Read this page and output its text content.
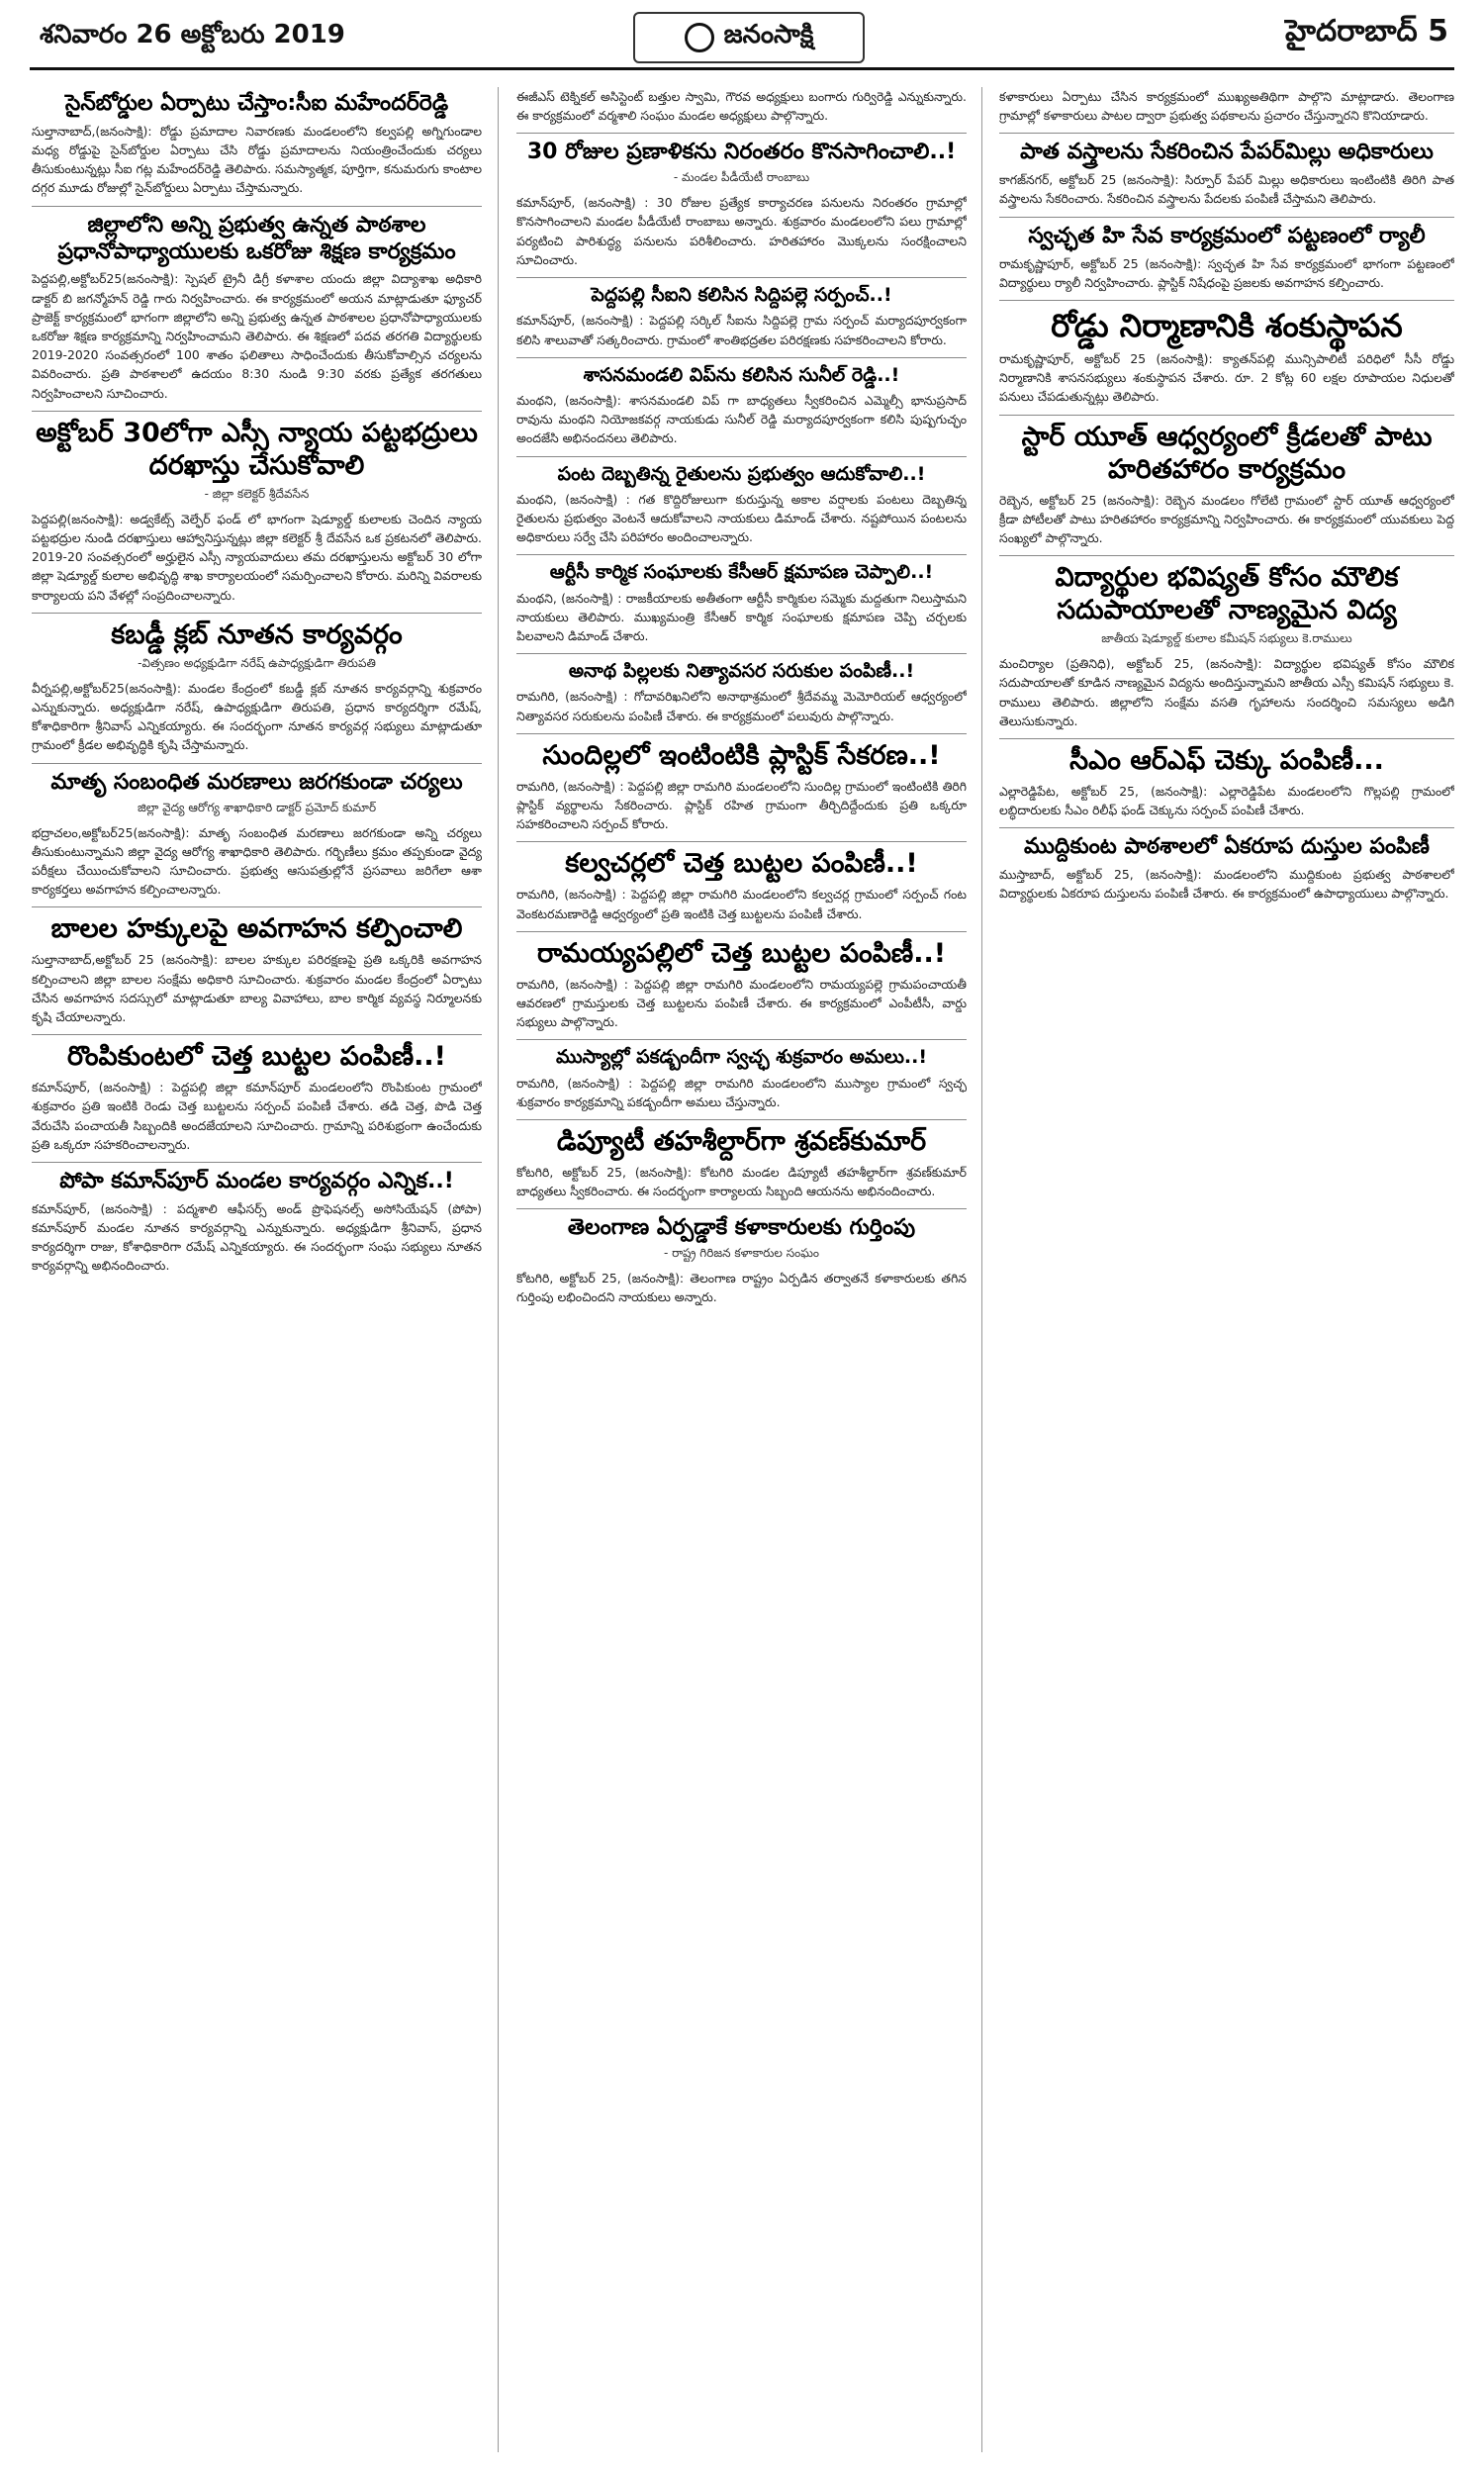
శనివారం 26 అక్టోబరు 2019	జనంసాక్షి	హైదరాబాద్ 5
సైన్‌బోర్డుల ఏర్పాటు చేస్తాం:సీఐ మహేందర్‌రెడ్డి
సుల్తానాబాద్‌,(జనంసాక్షి): రోడ్డు ప్రమాదాల నివారణకు మండలంలోని కల్వపల్లి అగ్నిగుండాల మధ్య రోడ్డుపై సైన్‌బోర్డుల ఏర్పాటు చేసి రోడ్డు ప్రమాదాలను నియంత్రించేందుకు చర్యలు తీసుకుంటున్నట్లు సీఐ గట్ల మహేందర్‌రెడ్డి తెలిపారు. సమస్యాత్మక, పూర్తిగా, కనుమరుగు కాంటాల దగ్గర మూడు రోజుల్లో సైన్‌బోర్డులు ఏర్పాటు చేస్తామన్నారు.
జిల్లాలోని అన్ని ప్రభుత్వ ఉన్నత పాఠశాల ప్రధానోపాధ్యాయులకు ఒకరోజు శిక్షణ కార్యక్రమం
పెద్దపల్లి,అక్టోబర్‌25(జనంసాక్షి): స్పెషల్‌ ట్రైనీ డిగ్రీ కళాశాల యందు జిల్లా విద్యాశాఖ అధికారి డాక్టర్‌ బి జగన్మోహన్‌ రెడ్డి గారు నిర్వహించారు. ఈ కార్యక్రమంలో అయన మాట్లాడుతూ ఫ్యూచర్‌ ప్రాజెక్ట్‌ కార్యక్రమంలో భాగంగా జిల్లాలోని అన్ని ప్రభుత్వ ఉన్నత పాఠశాలల ప్రధానోపాధ్యాయులకు ఒకరోజు శిక్షణ కార్యక్రమాన్ని నిర్వహించామని తెలిపారు. ఈ శిక్షణలో పదవ తరగతి విద్యార్థులకు 2019-2020 సంవత్సరంలో 100 శాతం ఫలితాలు సాధించేందుకు తీసుకోవాల్సిన చర్యలను వివరించారు. ప్రతి పాఠశాలలో ఉదయం 8:30 నుండి 9:30 వరకు ప్రత్యేక తరగతులు నిర్వహించాలని సూచించారు.
అక్టోబర్‌ 30లోగా ఎస్సీ న్యాయ పట్టభద్రులు దరఖాస్తు చేసుకోవాలి
- జిల్లా కలెక్టర్‌ శ్రీదేవసేన
పెద్దపల్లి(జనంసాక్షి): అడ్వకేట్స్‌ వెల్ఫేర్‌ ఫండ్‌ లో భాగంగా షెడ్యూల్డ్‌ కులాలకు చెందిన న్యాయ పట్టభద్రుల నుండి దరఖాస్తులు ఆహ్వానిస్తున్నట్లు జిల్లా కలెక్టర్‌ శ్రీ దేవసేన ఒక ప్రకటనలో తెలిపారు. 2019-20 సంవత్సరంలో అర్హులైన ఎస్సీ న్యాయవాదులు తమ దరఖాస్తులను అక్టోబర్‌ 30 లోగా జిల్లా షెడ్యూల్డ్‌ కులాల అభివృద్ధి శాఖ కార్యాలయంలో సమర్పించాలని కోరారు. మరిన్ని వివరాలకు కార్యాలయ పని వేళల్లో సంప్రదించాలన్నారు.
కబడ్డీ క్లబ్‌ నూతన కార్యవర్గం
-విత్సణం అధ్యక్షుడిగా నరేష్‌ ఉపాధ్యక్షుడిగా తిరుపతి
వీర్నపల్లి,అక్టోబర్‌25(జనంసాక్షి): మండల కేంద్రంలో కబడ్డీ క్లబ్‌ నూతన కార్యవర్గాన్ని శుక్రవారం ఎన్నుకున్నారు. అధ్యక్షుడిగా నరేష్‌, ఉపాధ్యక్షుడిగా తిరుపతి, ప్రధాన కార్యదర్శిగా రమేష్‌, కోశాధికారిగా శ్రీనివాస్‌ ఎన్నికయ్యారు. ఈ సందర్భంగా నూతన కార్యవర్గ సభ్యులు మాట్లాడుతూ గ్రామంలో క్రీడల అభివృద్ధికి కృషి చేస్తామన్నారు.
మాతృ సంబంధిత మరణాలు జరగకుండా చర్యలు
జిల్లా వైద్య ఆరోగ్య శాఖాధికారి డాక్టర్‌ ప్రమోద్‌ కుమార్‌
భద్రాచలం,అక్టోబర్‌25(జనంసాక్షి): మాతృ సంబంధిత మరణాలు జరగకుండా అన్ని చర్యలు తీసుకుంటున్నామని జిల్లా వైద్య ఆరోగ్య శాఖాధికారి తెలిపారు. గర్భిణీలు క్రమం తప్పకుండా వైద్య పరీక్షలు చేయించుకోవాలని సూచించారు. ప్రభుత్వ ఆసుపత్రుల్లోనే ప్రసవాలు జరిగేలా ఆశా కార్యకర్తలు అవగాహన కల్పించాలన్నారు.
బాలల హక్కులపై అవగాహన కల్పించాలి
సుల్తానాబాద్‌,అక్టోబర్‌ 25 (జనంసాక్షి): బాలల హక్కుల పరిరక్షణపై ప్రతి ఒక్కరికి అవగాహన కల్పించాలని జిల్లా బాలల సంక్షేమ అధికారి సూచించారు. శుక్రవారం మండల కేంద్రంలో ఏర్పాటు చేసిన అవగాహన సదస్సులో మాట్లాడుతూ బాల్య వివాహాలు, బాల కార్మిక వ్యవస్థ నిర్మూలనకు కృషి చేయాలన్నారు.
రొంపికుంటలో చెత్త బుట్టల పంపిణీ..!
కమాన్‌పూర్‌, (జనంసాక్షి) : పెద్దపల్లి జిల్లా కమాన్‌పూర్‌ మండలంలోని రొంపికుంట గ్రామంలో శుక్రవారం ప్రతి ఇంటికి రెండు చెత్త బుట్టలను సర్పంచ్‌ పంపిణీ చేశారు. తడి చెత్త, పొడి చెత్త వేరుచేసి పంచాయతీ సిబ్బందికి అందజేయాలని సూచించారు. గ్రామాన్ని పరిశుభ్రంగా ఉంచేందుకు ప్రతి ఒక్కరూ సహకరించాలన్నారు.
పోపా కమాన్‌పూర్‌ మండల కార్యవర్గం ఎన్నిక..!
కమాన్‌పూర్‌, (జనంసాక్షి) : పద్మశాలి ఆఫీసర్స్‌ అండ్‌ ప్రొఫెషనల్స్‌ అసోసియేషన్‌ (పోపా) కమాన్‌పూర్‌ మండల నూతన కార్యవర్గాన్ని ఎన్నుకున్నారు. అధ్యక్షుడిగా శ్రీనివాస్‌, ప్రధాన కార్యదర్శిగా రాజు, కోశాధికారిగా రమేష్‌ ఎన్నికయ్యారు. ఈ సందర్భంగా సంఘ సభ్యులు నూతన కార్యవర్గాన్ని అభినందించారు.
ఈజీఎస్‌ టెక్నికల్‌ అసిస్టెంట్‌ బత్తుల స్వామి, గౌరవ అధ్యక్షులు బంగారు గుర్విరెడ్డి ఎన్నుకున్నారు. ఈ కార్యక్రమంలో వర్మశాలి సంఘం మండల అధ్యక్షులు పాల్గొన్నారు.
30 రోజుల ప్రణాళికను నిరంతరం కొనసాగించాలి..!
- మండల పీడీయేటీ రాంబాబు
కమాన్‌పూర్‌, (జనంసాక్షి) : 30 రోజుల ప్రత్యేక కార్యాచరణ పనులను నిరంతరం గ్రామాల్లో కొనసాగించాలని మండల పీడీయేటీ రాంబాబు అన్నారు. శుక్రవారం మండలంలోని పలు గ్రామాల్లో పర్యటించి పారిశుద్ధ్య పనులను పరిశీలించారు. హరితహారం మొక్కలను సంరక్షించాలని సూచించారు.
పెద్దపల్లి సీఐని కలిసిన సిద్దిపల్లె సర్పంచ్‌..!
కమాన్‌పూర్‌, (జనంసాక్షి) : పెద్దపల్లి సర్కిల్‌ సీఐను సిద్దిపల్లె గ్రామ సర్పంచ్‌ మర్యాదపూర్వకంగా కలిసి శాలువాతో సత్కరించారు. గ్రామంలో శాంతిభద్రతల పరిరక్షణకు సహకరించాలని కోరారు.
శాసనమండలి విప్‌ను కలిసిన సునీల్‌ రెడ్డి..!
మంథని, (జనంసాక్షి): శాసనమండలి విప్‌ గా బాధ్యతలు స్వీకరించిన ఎమ్మెల్సీ భానుప్రసాద్‌ రావును మంథని నియోజకవర్గ నాయకుడు సునీల్‌ రెడ్డి మర్యాదపూర్వకంగా కలిసి పుష్పగుచ్ఛం అందజేసి అభినందనలు తెలిపారు.
పంట దెబ్బతిన్న రైతులను ప్రభుత్వం ఆదుకోవాలి..!
మంథని, (జనంసాక్షి) : గత కొద్దిరోజులుగా కురుస్తున్న అకాల వర్షాలకు పంటలు దెబ్బతిన్న రైతులను ప్రభుత్వం వెంటనే ఆదుకోవాలని నాయకులు డిమాండ్‌ చేశారు. నష్టపోయిన పంటలను అధికారులు సర్వే చేసి పరిహారం అందించాలన్నారు.
ఆర్టీసీ కార్మిక సంఘాలకు కేసీఆర్‌ క్షమాపణ చెప్పాలి..!
మంథని, (జనంసాక్షి) : రాజకీయాలకు అతీతంగా ఆర్టీసీ కార్మికుల సమ్మెకు మద్దతుగా నిలుస్తామని నాయకులు తెలిపారు. ముఖ్యమంత్రి కేసీఆర్‌ కార్మిక సంఘాలకు క్షమాపణ చెప్పి చర్చలకు పిలవాలని డిమాండ్‌ చేశారు.
అనాథ పిల్లలకు నిత్యావసర సరుకుల పంపిణీ..!
రామగిరి, (జనంసాక్షి) : గోదావరిఖనిలోని అనాథాశ్రమంలో శ్రీదేవమ్మ మెమోరియల్‌ ఆధ్వర్యంలో నిత్యావసర సరుకులను పంపిణీ చేశారు. ఈ కార్యక్రమంలో పలువురు పాల్గొన్నారు.
సుందిల్లలో ఇంటింటికి ప్లాస్టిక్‌ సేకరణ..!
రామగిరి, (జనంసాక్షి) : పెద్దపల్లి జిల్లా రామగిరి మండలంలోని సుందిల్ల గ్రామంలో ఇంటింటికి తిరిగి ప్లాస్టిక్‌ వ్యర్థాలను సేకరించారు. ప్లాస్టిక్‌ రహిత గ్రామంగా తీర్చిదిద్దేందుకు ప్రతి ఒక్కరూ సహకరించాలని సర్పంచ్‌ కోరారు.
కల్వచర్లలో చెత్త బుట్టల పంపిణీ..!
రామగిరి, (జనంసాక్షి) : పెద్దపల్లి జిల్లా రామగిరి మండలంలోని కల్వచర్ల గ్రామంలో సర్పంచ్‌ గంట వెంకటరమణారెడ్డి ఆధ్వర్యంలో ప్రతి ఇంటికి చెత్త బుట్టలను పంపిణీ చేశారు.
రామయ్యపల్లిలో చెత్త బుట్టల పంపిణీ..!
రామగిరి, (జనంసాక్షి) : పెద్దపల్లి జిల్లా రామగిరి మండలంలోని రామయ్యపల్లె గ్రామపంచాయతీ ఆవరణలో గ్రామస్తులకు చెత్త బుట్టలను పంపిణీ చేశారు. ఈ కార్యక్రమంలో ఎంపీటీసీ, వార్డు సభ్యులు పాల్గొన్నారు.
ముస్యాల్లో పకడ్బందీగా స్వచ్ఛ శుక్రవారం అమలు..!
రామగిరి, (జనంసాక్షి) : పెద్దపల్లి జిల్లా రామగిరి మండలంలోని ముస్యాల గ్రామంలో స్వచ్ఛ శుక్రవారం కార్యక్రమాన్ని పకడ్బందీగా అమలు చేస్తున్నారు.
డిప్యూటీ తహశీల్దార్‌గా శ్రవణ్‌కుమార్‌
కోటగిరి, అక్టోబర్‌ 25, (జనంసాక్షి): కోటగిరి మండల డిప్యూటీ తహశీల్దార్‌గా శ్రవణ్‌కుమార్‌ బాధ్యతలు స్వీకరించారు. ఈ సందర్భంగా కార్యాలయ సిబ్బంది ఆయనను అభినందించారు.
తెలంగాణ ఏర్పడ్డాకే కళాకారులకు గుర్తింపు
- రాష్ట్ర గిరిజన కళాకారుల సంఘం
కోటగిరి, అక్టోబర్‌ 25, (జనంసాక్షి): తెలంగాణ రాష్ట్రం ఏర్పడిన తర్వాతనే కళాకారులకు తగిన గుర్తింపు లభించిందని నాయకులు అన్నారు.
కళాకారులు ఏర్పాటు చేసిన కార్యక్రమంలో ముఖ్యఅతిథిగా పాల్గొని మాట్లాడారు. తెలంగాణ గ్రామాల్లో కళాకారులు పాటల ద్వారా ప్రభుత్వ పథకాలను ప్రచారం చేస్తున్నారని కొనియాడారు.
పాత వస్త్రాలను సేకరించిన పేపర్‌మిల్లు అధికారులు
కాగజ్‌నగర్‌, అక్టోబర్‌ 25 (జనంసాక్షి): సిర్పూర్‌ పేపర్‌ మిల్లు అధికారులు ఇంటింటికి తిరిగి పాత వస్త్రాలను సేకరించారు. సేకరించిన వస్త్రాలను పేదలకు పంపిణీ చేస్తామని తెలిపారు.
స్వచ్ఛత హి సేవ కార్యక్రమంలో పట్టణంలో ర్యాలీ
రామకృష్ణాపూర్‌, అక్టోబర్‌ 25 (జనంసాక్షి): స్వచ్ఛత హి సేవ కార్యక్రమంలో భాగంగా పట్టణంలో విద్యార్థులు ర్యాలీ నిర్వహించారు. ప్లాస్టిక్‌ నిషేధంపై ప్రజలకు అవగాహన కల్పించారు.
రోడ్డు నిర్మాణానికి శంకుస్థాపన
రామకృష్ణాపూర్‌, అక్టోబర్‌ 25 (జనంసాక్షి): క్యాతన్‌పల్లి మున్సిపాలిటీ పరిధిలో సీసీ రోడ్డు నిర్మాణానికి శాసనసభ్యులు శంకుస్థాపన చేశారు. రూ. 2 కోట్ల 60 లక్షల రూపాయల నిధులతో పనులు చేపడుతున్నట్లు తెలిపారు.
స్టార్‌ యూత్‌ ఆధ్వర్యంలో క్రీడలతో పాటు హరితహారం కార్యక్రమం
రెబ్బెన, అక్టోబర్‌ 25 (జనంసాక్షి): రెబ్బెన మండలం గోలేటి గ్రామంలో స్టార్‌ యూత్‌ ఆధ్వర్యంలో క్రీడా పోటీలతో పాటు హరితహారం కార్యక్రమాన్ని నిర్వహించారు. ఈ కార్యక్రమంలో యువకులు పెద్ద సంఖ్యలో పాల్గొన్నారు.
విద్యార్థుల భవిష్యత్‌ కోసం మౌలిక సదుపాయాలతో నాణ్యమైన విద్య
జాతీయ షెడ్యూల్డ్‌ కులాల కమీషన్‌ సభ్యులు కె.రాములు
మంచిర్యాల (ప్రతినిధి), అక్టోబర్‌ 25, (జనంసాక్షి): విద్యార్థుల భవిష్యత్‌ కోసం మౌలిక సదుపాయాలతో కూడిన నాణ్యమైన విద్యను అందిస్తున్నామని జాతీయ ఎస్సీ కమిషన్‌ సభ్యులు కె. రాములు తెలిపారు. జిల్లాలోని సంక్షేమ వసతి గృహాలను సందర్శించి సమస్యలు అడిగి తెలుసుకున్నారు.
సీఎం ఆర్‌ఎఫ్‌ చెక్కు పంపిణీ...
ఎల్లారెడ్డిపేట, అక్టోబర్‌ 25, (జనంసాక్షి): ఎల్లారెడ్డిపేట మండలంలోని గొల్లపల్లి గ్రామంలో లబ్ధిదారులకు సీఎం రిలీఫ్‌ ఫండ్‌ చెక్కును సర్పంచ్‌ పంపిణీ చేశారు.
ముద్దికుంట పాఠశాలలో ఏకరూప దుస్తుల పంపిణీ
ముస్తాబాద్‌, అక్టోబర్‌ 25, (జనంసాక్షి): మండలంలోని ముద్దికుంట ప్రభుత్వ పాఠశాలలో విద్యార్థులకు ఏకరూప దుస్తులను పంపిణీ చేశారు. ఈ కార్యక్రమంలో ఉపాధ్యాయులు పాల్గొన్నారు.
